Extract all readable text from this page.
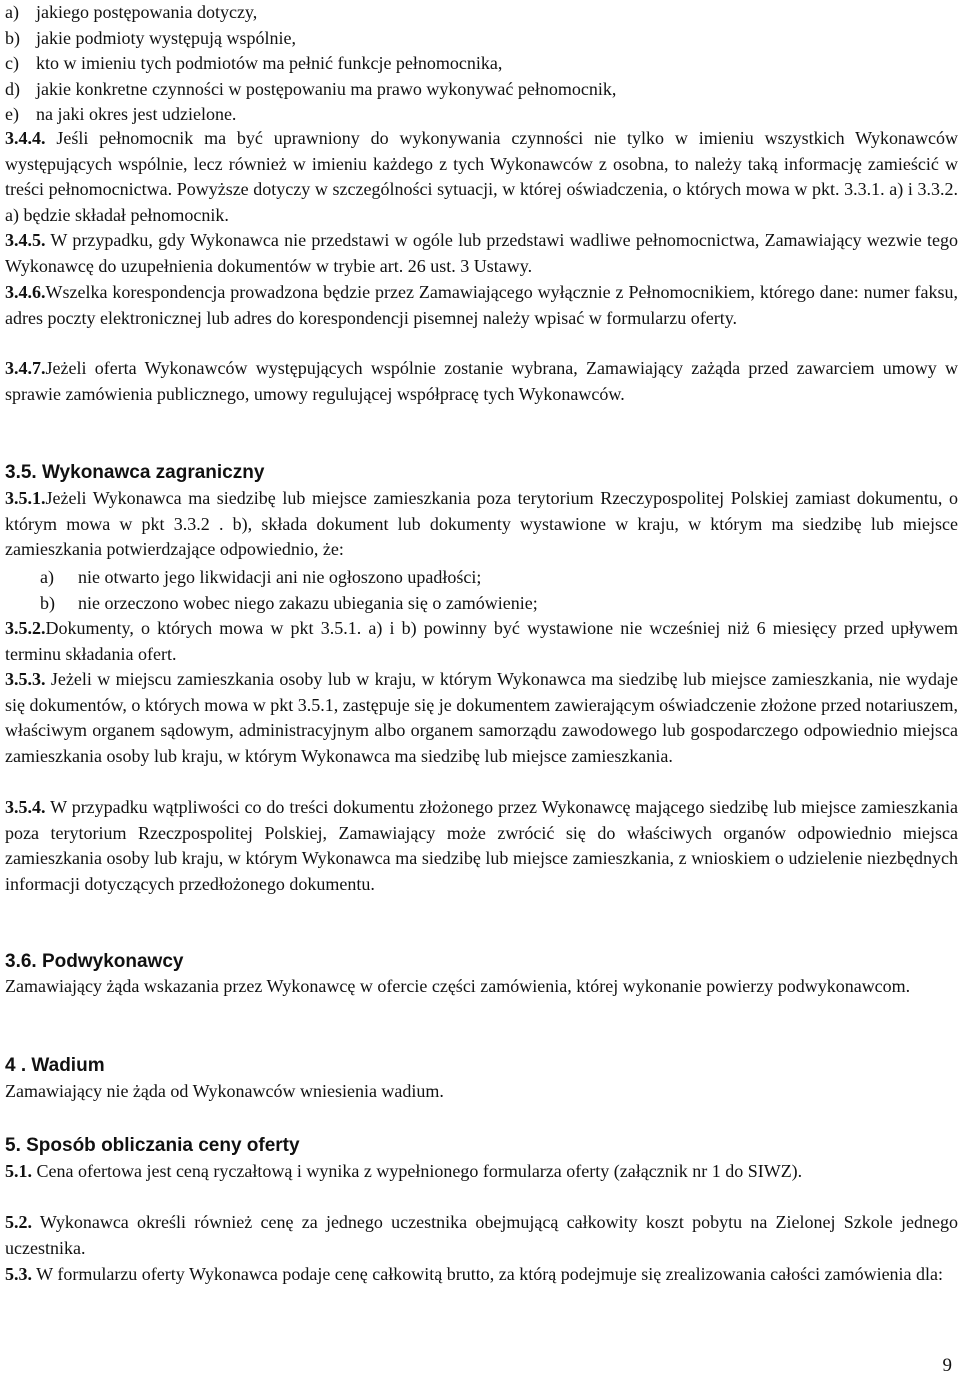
a) jakiego postępowania dotyczy,
b) jakie podmioty występują wspólnie,
c) kto w imieniu tych podmiotów ma pełnić funkcje pełnomocnika,
d) jakie konkretne czynności w postępowaniu ma prawo wykonywać pełnomocnik,
e) na jaki okres jest udzielone.

3.4.4. Jeśli pełnomocnik ma być uprawniony do wykonywania czynności nie tylko w imieniu wszystkich Wykonawców występujących wspólnie, lecz również w imieniu każdego z tych Wykonawców z osobna, to należy taką informację zamieścić w treści pełnomocnictwa. Powyższe dotyczy w szczególności sytuacji, w której oświadczenia, o których mowa w pkt. 3.3.1. a) i 3.3.2. a) będzie składał pełnomocnik.

3.4.5. W przypadku, gdy Wykonawca nie przedstawi w ogóle lub przedstawi wadliwe pełnomocnictwa, Zamawiający wezwie tego Wykonawcę do uzupełnienia dokumentów w trybie art. 26 ust. 3 Ustawy.

3.4.6.Wszelka korespondencja prowadzona będzie przez Zamawiającego wyłącznie z Pełnomocnikiem, którego dane: numer faksu, adres poczty elektronicznej lub adres do korespondencji pisemnej należy wpisać w formularzu oferty.

3.4.7.Jeżeli oferta Wykonawców występujących wspólnie zostanie wybrana, Zamawiający zażąda przed zawarciem umowy w sprawie zamówienia publicznego, umowy regulującej współpracę tych Wykonawców.

3.5. Wykonawca zagraniczny

3.5.1.Jeżeli Wykonawca ma siedzibę lub miejsce zamieszkania poza terytorium Rzeczypospolitej Polskiej zamiast dokumentu, o którym mowa w pkt 3.3.2 . b), składa dokument lub dokumenty wystawione w kraju, w którym ma siedzibę lub miejsce zamieszkania potwierdzające odpowiednio, że:

a)	nie otwarto jego likwidacji ani nie ogłoszono upadłości;
b)	nie orzeczono wobec niego zakazu ubiegania się o zamówienie;

3.5.2.Dokumenty, o których mowa w pkt 3.5.1. a) i b) powinny być wystawione nie wcześniej niż 6 miesięcy przed upływem terminu składania ofert.

3.5.3. Jeżeli w miejscu zamieszkania osoby lub w kraju, w którym Wykonawca ma siedzibę lub miejsce zamieszkania, nie wydaje się dokumentów, o których mowa w pkt 3.5.1, zastępuje się je dokumentem zawierającym oświadczenie złożone przed notariuszem, właściwym organem sądowym, administracyjnym albo organem samorządu zawodowego lub gospodarczego odpowiednio miejsca zamieszkania osoby lub kraju, w którym Wykonawca ma siedzibę lub miejsce zamieszkania.

3.5.4. W przypadku wątpliwości co do treści dokumentu złożonego przez Wykonawcę mającego siedzibę lub miejsce zamieszkania poza terytorium Rzeczpospolitej Polskiej, Zamawiający może zwrócić się do właściwych organów odpowiednio miejsca zamieszkania osoby lub kraju, w którym Wykonawca ma siedzibę lub miejsce zamieszkania, z wnioskiem o udzielenie niezbędnych informacji dotyczących przedłożonego dokumentu.

3.6. Podwykonawcy

Zamawiający żąda wskazania przez Wykonawcę w ofercie części zamówienia, której wykonanie powierzy podwykonawcom.

4 . Wadium

Zamawiający nie żąda od Wykonawców wniesienia wadium.

5. Sposób obliczania ceny oferty

5.1. Cena ofertowa jest ceną ryczałtową i wynika z wypełnionego formularza oferty (załącznik nr 1 do SIWZ).

5.2. Wykonawca określi również cenę za jednego uczestnika obejmującą całkowity koszt pobytu na Zielonej Szkole jednego uczestnika.

5.3. W formularzu oferty Wykonawca podaje cenę całkowitą brutto, za którą podejmuje się zrealizowania całości zamówienia dla:

9
